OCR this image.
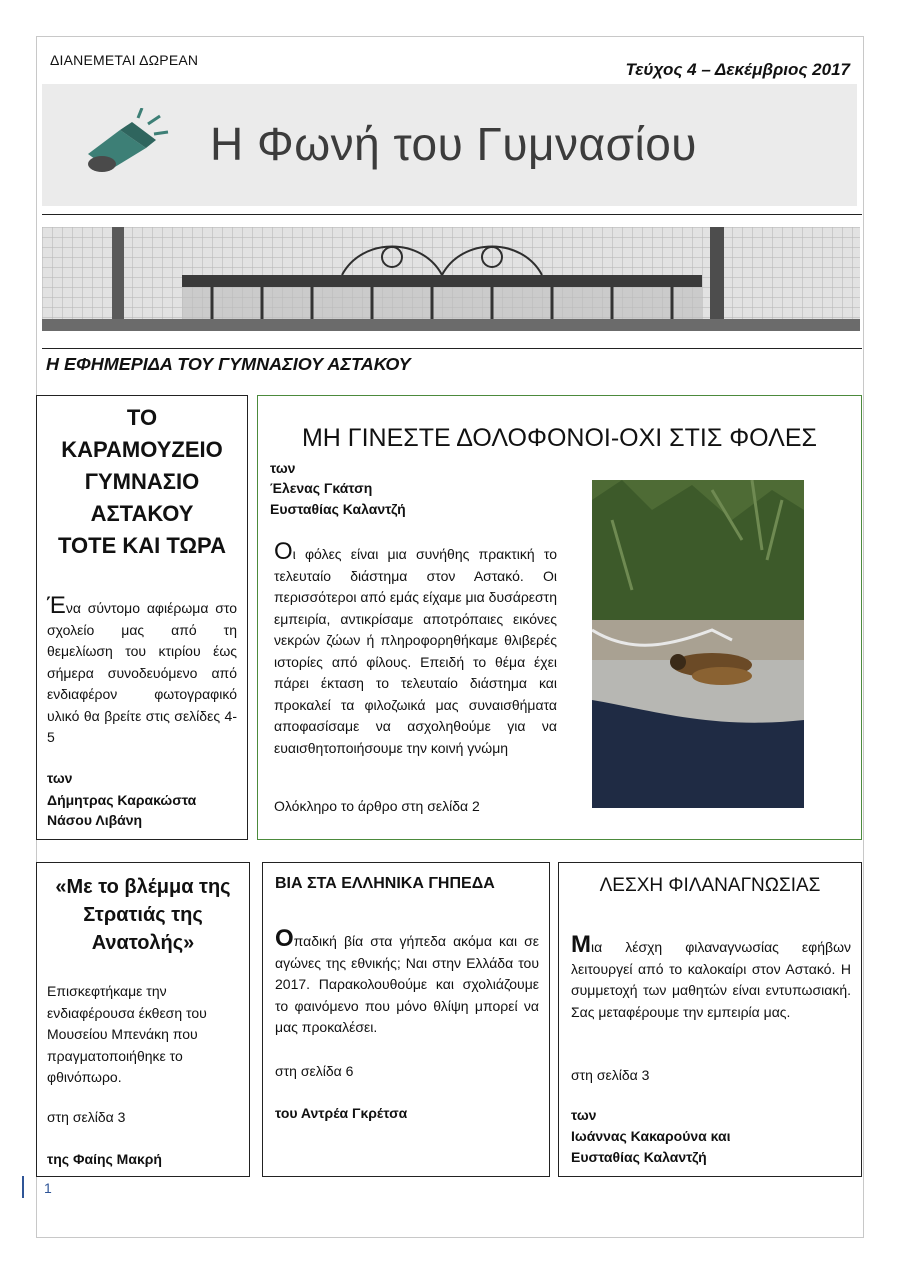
ΔΙΑΝΕΜΕΤΑΙ ΔΩΡΕΑΝ	Τεύχος 4 – Δεκέμβριος 2017
Η Φωνή του Γυμνασίου
Η ΕΦΗΜΕΡΙΔΑ ΤΟΥ ΓΥΜΝΑΣΙΟΥ ΑΣΤΑΚΟΥ
ΤΟ
ΚΑΡΑΜΟΥΖΕΙΟ
ΓΥΜΝΑΣΙΟ
ΑΣΤΑΚΟΥ
ΤΟΤΕ ΚΑΙ ΤΩΡΑ

Ένα σύντομο αφιέρωμα στο σχολείο μας από τη θεμελίωση του κτιρίου έως σήμερα συνοδευόμενο από ενδιαφέρον φωτογραφικό υλικό θα βρείτε στις σελίδες 4-5

των
Δήμητρας Καρακώστα
Νάσου Λιβάνη
ΜΗ ΓΙΝΕΣΤΕ ΔΟΛΟΦΟΝΟΙ-ΟΧΙ ΣΤΙΣ ΦΟΛΕΣ
των
Έλενας Γκάτση
Ευσταθίας Καλαντζή

Οι φόλες είναι μια συνήθης πρακτική το τελευταίο διάστημα στον Αστακό. Οι περισσότεροι από εμάς είχαμε μια δυσάρεστη εμπειρία, αντικρίσαμε αποτρόπαιες εικόνες νεκρών ζώων ή πληροφορηθήκαμε θλιβερές ιστορίες από φίλους. Επειδή το θέμα έχει πάρει έκταση το τελευταίο διάστημα και προκαλεί τα φιλοζωικά μας συναισθήματα αποφασίσαμε να ασχοληθούμε για να ευαισθητοποιήσουμε την κοινή γνώμη

Ολόκληρο το άρθρο στη σελίδα 2
«Με το βλέμμα της
Στρατιάς της
Ανατολής»

Επισκεφτήκαμε την ενδιαφέρουσα έκθεση του Μουσείου Μπενάκη που πραγματοποιήθηκε το φθινόπωρο.

στη σελίδα 3
της Φαίης Μακρή
ΒΙΑ ΣΤΑ ΕΛΛΗΝΙΚΑ ΓΗΠΕΔΑ

Οπαδική βία στα γήπεδα ακόμα και σε αγώνες της εθνικής; Ναι στην Ελλάδα του 2017. Παρακολουθούμε και σχολιάζουμε το φαινόμενο που μόνο θλίψη μπορεί να μας προκαλέσει.

στη σελίδα 6
του Αντρέα Γκρέτσα
ΛΕΣΧΗ ΦΙΛΑΝΑΓΝΩΣΙΑΣ

Μια λέσχη φιλαναγνωσίας εφήβων λειτουργεί από το καλοκαίρι στον Αστακό. Η συμμετοχή των μαθητών είναι εντυπωσιακή. Σας μεταφέρουμε την εμπειρία μας.

στη σελίδα 3
των
Ιωάννας Κακαρούνα και
Ευσταθίας Καλαντζή
1
